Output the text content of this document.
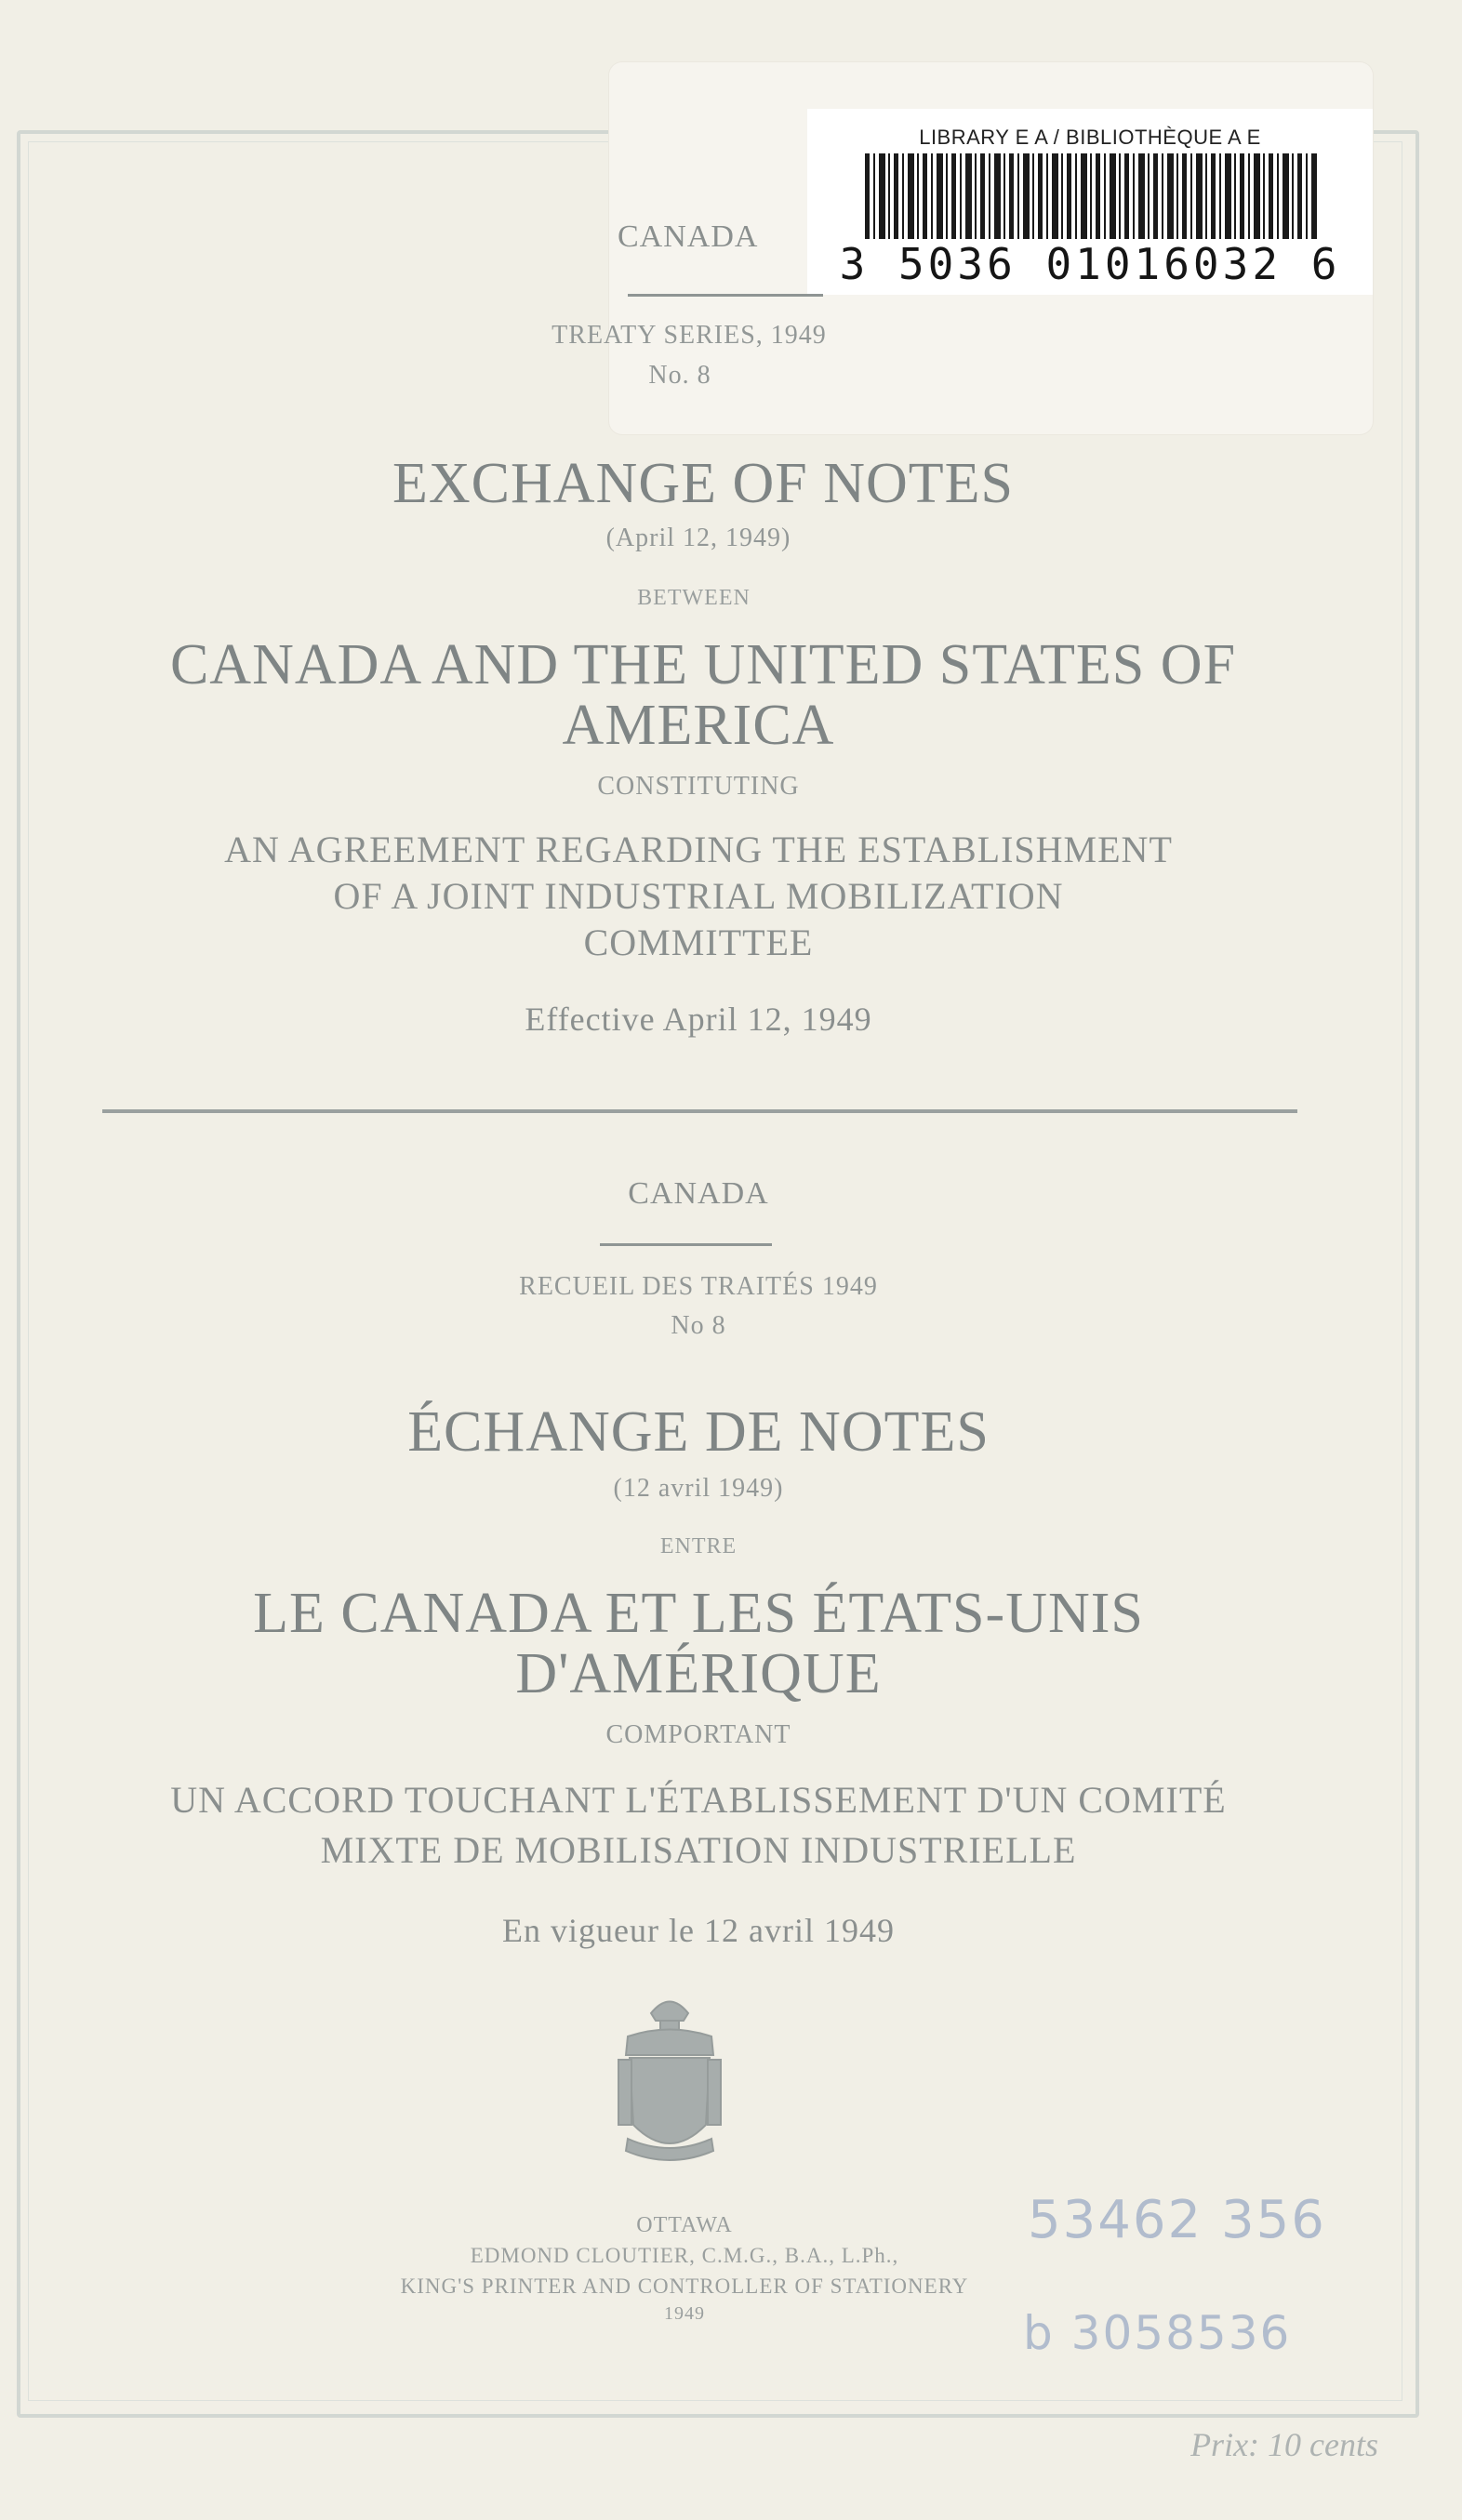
LIBRARY E A / BIBLIOTHÈQUE A E
3 5036 01016032 6
CANADA
TREATY SERIES, 1949
No. 8
EXCHANGE OF NOTES
(April 12, 1949)
BETWEEN
CANADA AND THE UNITED STATES OF
AMERICA
CONSTITUTING
AN AGREEMENT REGARDING THE ESTABLISHMENT
OF A JOINT INDUSTRIAL MOBILIZATION
COMMITTEE
Effective April 12, 1949
CANADA
RECUEIL DES TRAITÉS 1949
No 8
ÉCHANGE DE NOTES
(12 avril 1949)
ENTRE
LE CANADA ET LES ÉTATS-UNIS
D'AMÉRIQUE
COMPORTANT
UN ACCORD TOUCHANT L'ÉTABLISSEMENT D'UN COMITÉ
MIXTE DE MOBILISATION INDUSTRIELLE
En vigueur le 12 avril 1949
OTTAWA
EDMOND CLOUTIER, C.M.G., B.A., L.Ph.,
KING'S PRINTER AND CONTROLLER OF STATIONERY
1949
53462 356
b 3058536
Prix: 10 cents
